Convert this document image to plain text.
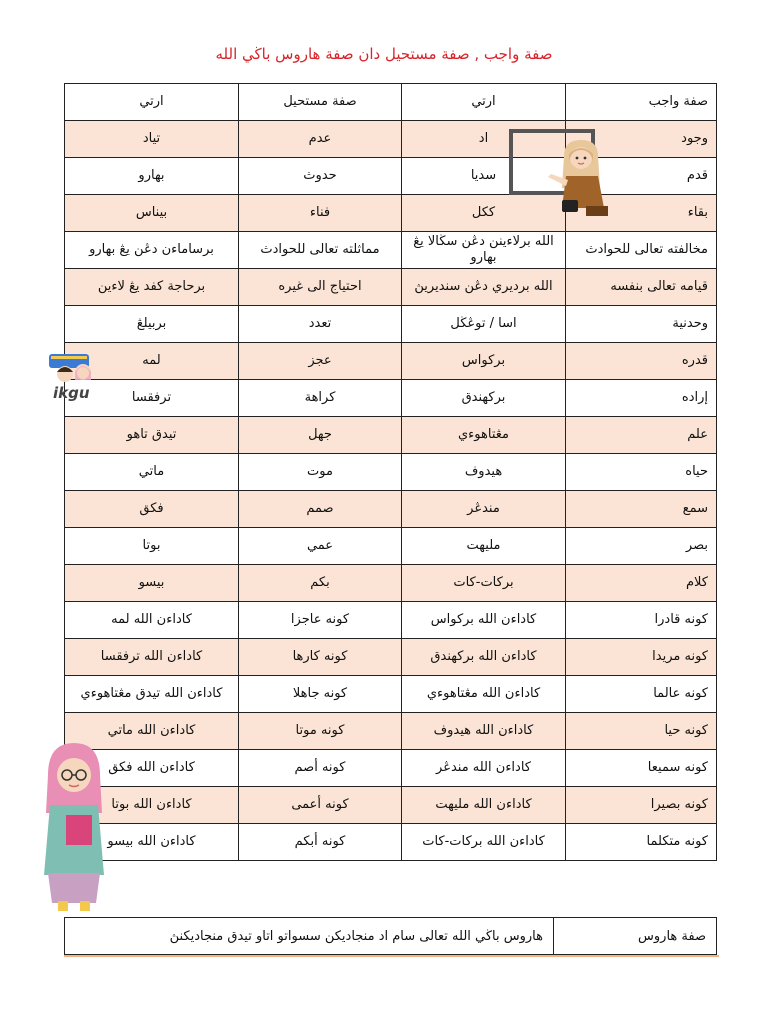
صفة واجب , صفة مستحيل دان صفة هاروس باڬي الله
صفة واجب	ارتي	صفة مستحيل	ارتي
وجود	اد	عدم	تياد
قدم	سديا	حدوث	بهارو
بقاء	ككل	فناء	بيناس
مخالفته تعالى للحوادث	الله برلاءينن دڠن سڬالا يڠ بهارو	مماثلته تعالى للحوادث	برساماءن دڠن يڠ بهارو
قيامه تعالى بنفسه	الله برديري دڠن سنديريڽ	احتياج الى غيره	برحاجة كفد يڠ لاءين
وحدنية	اسا / توڠڬل	تعدد	بربيلڠ
قدره	بركواس	عجز	لمه
إراده	بركهندق	كراهة	ترفقسا
علم	مڠتاهوءي	جهل	تيدق تاهو
حياه	هيدوف	موت	ماتي
سمع	مندڠر	صمم	فكق
بصر	مليهت	عمي	بوتا
كلام	بركات-كات	بكم	بيسو
كونه قادرا	كاداءن الله بركواس	كونه عاجزا	كاداءن الله لمه
كونه مريدا	كاداءن الله بركهندق	كونه كارها	كاداءن الله ترفقسا
كونه عالما	كاداءن الله مڠتاهوءي	كونه جاهلا	كاداءن الله تيدق مڠتاهوءي
كونه حيا	كاداءن الله هيدوف	كونه موتا	كاداءن الله ماتي
كونه سميعا	كاداءن الله مندڠر	كونه أصم	كاداءن الله فكق
كونه بصيرا	كاداءن الله مليهت	كونه أعمى	كاداءن الله بوتا
كونه متكلما	كاداءن الله بركات-كات	كونه أبكم	كاداءن الله بيسو
صفة هاروس	هاروس باڬي الله تعالى سام اد منجاديكن سسواتو اتاو تيدق منجاديكنڽ
ikgu
